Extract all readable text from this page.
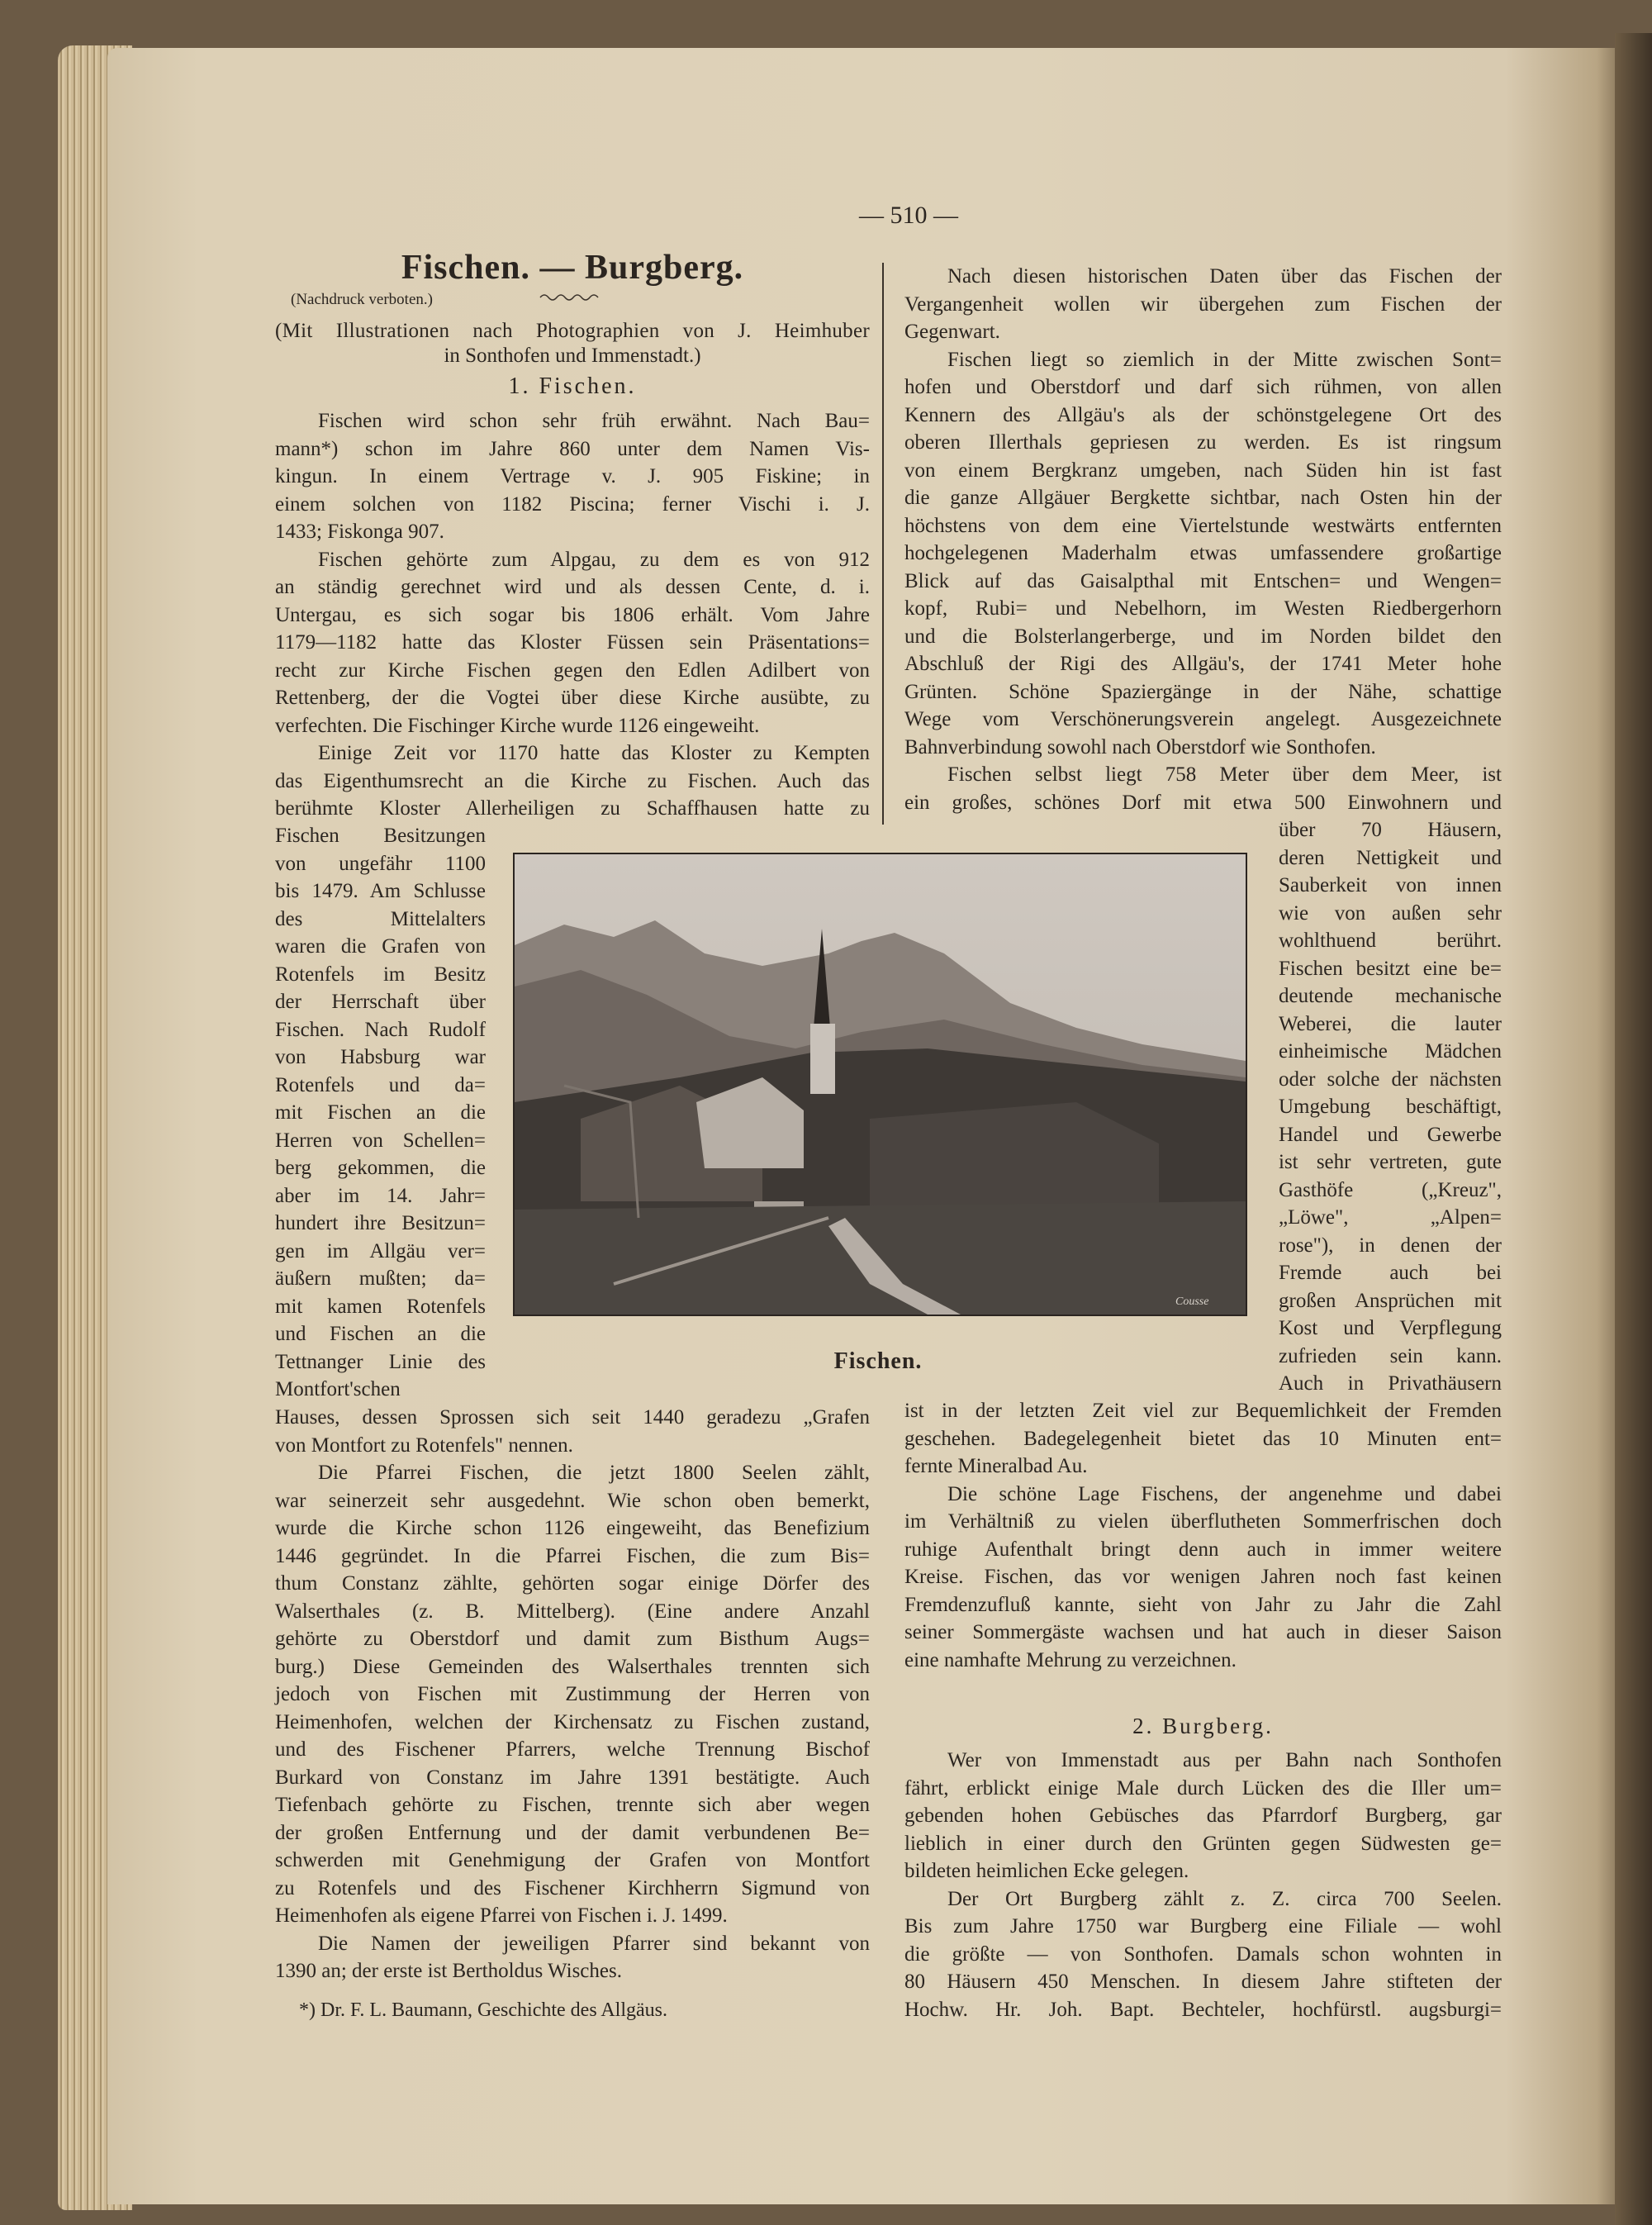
— 510 —
Fischen. — Burgberg.
(Nachdruck verboten.)
(Mit Illustrationen nach Photographien von J. Heimhuber
in Sonthofen und Immenstadt.)
1. Fischen.
Fischen wird schon sehr früh erwähnt. Nach Bau=
mann*) schon im Jahre 860 unter dem Namen Vis-
kingun. In einem Vertrage v. J. 905 Fiskine; in
einem solchen von 1182 Piscina; ferner Vischi i. J.
1433; Fiskonga 907.
Fischen gehörte zum Alpgau, zu dem es von 912
an ständig gerechnet wird und als dessen Cente, d. i.
Untergau, es sich sogar bis 1806 erhält. Vom Jahre
1179—1182 hatte das Kloster Füssen sein Präsentations=
recht zur Kirche Fischen gegen den Edlen Adilbert von
Rettenberg, der die Vogtei über diese Kirche ausübte, zu
verfechten. Die Fischinger Kirche wurde 1126 eingeweiht.
Einige Zeit vor 1170 hatte das Kloster zu Kempten
das Eigenthumsrecht an die Kirche zu Fischen. Auch das
berühmte Kloster Allerheiligen zu Schaffhausen hatte zu
Fischen Besitzungen
von ungefähr 1100
bis 1479. Am Schlusse
des Mittelalters
waren die Grafen von
Rotenfels im Besitz
der Herrschaft über
Fischen. Nach Rudolf
von Habsburg war
Rotenfels und da=
mit Fischen an die
Herren von Schellen=
berg gekommen, die
aber im 14. Jahr=
hundert ihre Besitzun=
gen im Allgäu ver=
äußern mußten; da=
mit kamen Rotenfels
und Fischen an die
Tettnanger Linie des
Montfort'schen
Hauses, dessen Sprossen sich seit 1440 geradezu „Grafen
von Montfort zu Rotenfels" nennen.
Die Pfarrei Fischen, die jetzt 1800 Seelen zählt,
war seinerzeit sehr ausgedehnt. Wie schon oben bemerkt,
wurde die Kirche schon 1126 eingeweiht, das Benefizium
1446 gegründet. In die Pfarrei Fischen, die zum Bis=
thum Constanz zählte, gehörten sogar einige Dörfer des
Walserthales (z. B. Mittelberg). (Eine andere Anzahl
gehörte zu Oberstdorf und damit zum Bisthum Augs=
burg.) Diese Gemeinden des Walserthales trennten sich
jedoch von Fischen mit Zustimmung der Herren von
Heimenhofen, welchen der Kirchensatz zu Fischen zustand,
und des Fischener Pfarrers, welche Trennung Bischof
Burkard von Constanz im Jahre 1391 bestätigte. Auch
Tiefenbach gehörte zu Fischen, trennte sich aber wegen
der großen Entfernung und der damit verbundenen Be=
schwerden mit Genehmigung der Grafen von Montfort
zu Rotenfels und des Fischener Kirchherrn Sigmund von
Heimenhofen als eigene Pfarrei von Fischen i. J. 1499.
Die Namen der jeweiligen Pfarrer sind bekannt von
1390 an; der erste ist Bertholdus Wisches.
Nach diesen historischen Daten über das Fischen der
Vergangenheit wollen wir übergehen zum Fischen der
Gegenwart.
Fischen liegt so ziemlich in der Mitte zwischen Sont=
hofen und Oberstdorf und darf sich rühmen, von allen
Kennern des Allgäu's als der schönstgelegene Ort des
oberen Illerthals gepriesen zu werden. Es ist ringsum
von einem Bergkranz umgeben, nach Süden hin ist fast
die ganze Allgäuer Bergkette sichtbar, nach Osten hin der
höchstens von dem eine Viertelstunde westwärts entfernten
hochgelegenen Maderhalm etwas umfassendere großartige
Blick auf das Gaisalpthal mit Entschen= und Wengen=
kopf, Rubi= und Nebelhorn, im Westen Riedbergerhorn
und die Bolsterlangerberge, und im Norden bildet den
Abschluß der Rigi des Allgäu's, der 1741 Meter hohe
Grünten. Schöne Spaziergänge in der Nähe, schattige
Wege vom Verschönerungsverein angelegt. Ausgezeichnete
Bahnverbindung sowohl nach Oberstdorf wie Sonthofen.
Fischen selbst liegt 758 Meter über dem Meer, ist
ein großes, schönes Dorf mit etwa 500 Einwohnern und
über 70 Häusern,
deren Nettigkeit und
Sauberkeit von innen
wie von außen sehr
wohlthuend berührt.
Fischen besitzt eine be=
deutende mechanische
Weberei, die lauter
einheimische Mädchen
oder solche der nächsten
Umgebung beschäftigt,
Handel und Gewerbe
ist sehr vertreten, gute
Gasthöfe („Kreuz",
„Löwe", „Alpen=
rose"), in denen der
Fremde auch bei
großen Ansprüchen mit
Kost und Verpflegung
zufrieden sein kann.
Auch in Privathäusern
ist in der letzten Zeit viel zur Bequemlichkeit der Fremden
geschehen. Badegelegenheit bietet das 10 Minuten ent=
fernte Mineralbad Au.
Die schöne Lage Fischens, der angenehme und dabei
im Verhältniß zu vielen überflutheten Sommerfrischen doch
ruhige Aufenthalt bringt denn auch in immer weitere
Kreise. Fischen, das vor wenigen Jahren noch fast keinen
Fremdenzufluß kannte, sieht von Jahr zu Jahr die Zahl
seiner Sommergäste wachsen und hat auch in dieser Saison
eine namhafte Mehrung zu verzeichnen.
2. Burgberg.
Wer von Immenstadt aus per Bahn nach Sonthofen
fährt, erblickt einige Male durch Lücken des die Iller um=
gebenden hohen Gebüsches das Pfarrdorf Burgberg, gar
lieblich in einer durch den Grünten gegen Südwesten ge=
bildeten heimlichen Ecke gelegen.
Der Ort Burgberg zählt z. Z. circa 700 Seelen.
Bis zum Jahre 1750 war Burgberg eine Filiale — wohl
die größte — von Sonthofen. Damals schon wohnten in
80 Häusern 450 Menschen. In diesem Jahre stifteten der
Hochw. Hr. Joh. Bapt. Bechteler, hochfürstl. augsburgi=
Cousse
Fischen.
*) Dr. F. L. Baumann, Geschichte des Allgäus.
